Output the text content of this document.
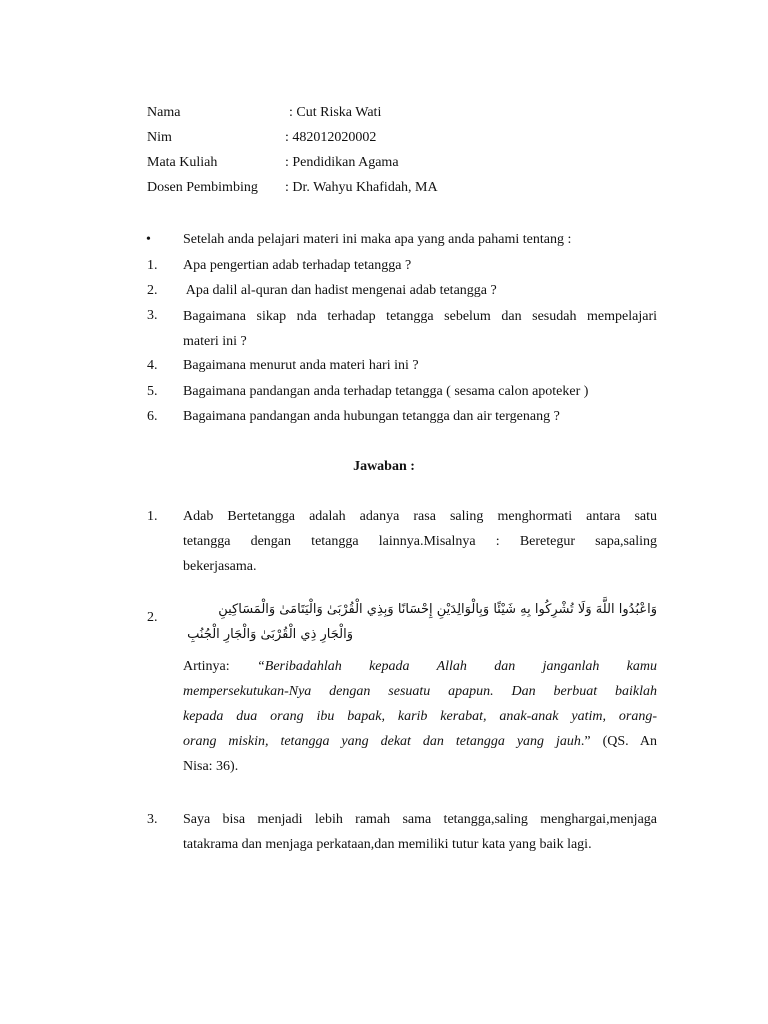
Nama	: Cut Riska Wati
Nim	: 482012020002
Mata Kuliah	: Pendidikan Agama
Dosen Pembimbing : Dr. Wahyu Khafidah, MA
• Setelah anda pelajari materi ini maka apa yang anda pahami tentang :
1. Apa pengertian adab terhadap tetangga ?
2. Apa dalil al-quran dan hadist mengenai adab tetangga ?
3. Bagaimana sikap nda terhadap tetangga sebelum dan sesudah mempelajari
materi ini ?
4. Bagaimana menurut anda materi hari ini ?
5. Bagaimana pandangan anda terhadap tetangga ( sesama calon apoteker )
6. Bagaimana pandangan anda hubungan tetangga dan air tergenang ?
Jawaban :
1. Adab Bertetangga adalah adanya rasa saling menghormati antara satu
tetangga dengan tetangga lainnya.Misalnya : Beretegur sapa,saling
bekerjasama.
2.
وَاعْبُدُوا اللَّهَ وَلَا تُشْرِكُوا بِهِ شَيْئًا وَبِالْوَالِدَيْنِ إِحْسَانًا وَبِذِي الْقُرْبَىٰ وَالْيَتَامَىٰ وَالْمَسَاكِينِ
وَالْجَارِ ذِي الْقُرْبَىٰ وَالْجَارِ الْجُنُبِ
Artinya: “Beribadahlah kepada Allah dan janganlah kamu
mempersekutukan-Nya dengan sesuatu apapun. Dan berbuat baiklah
kepada dua orang ibu bapak, karib kerabat, anak-anak yatim, orang-
orang miskin, tetangga yang dekat dan tetangga yang jauh.” (QS. An
Nisa: 36).
3. Saya bisa menjadi lebih ramah sama tetangga,saling menghargai,menjaga
tatakrama dan menjaga perkataan,dan memiliki tutur kata yang baik lagi.
